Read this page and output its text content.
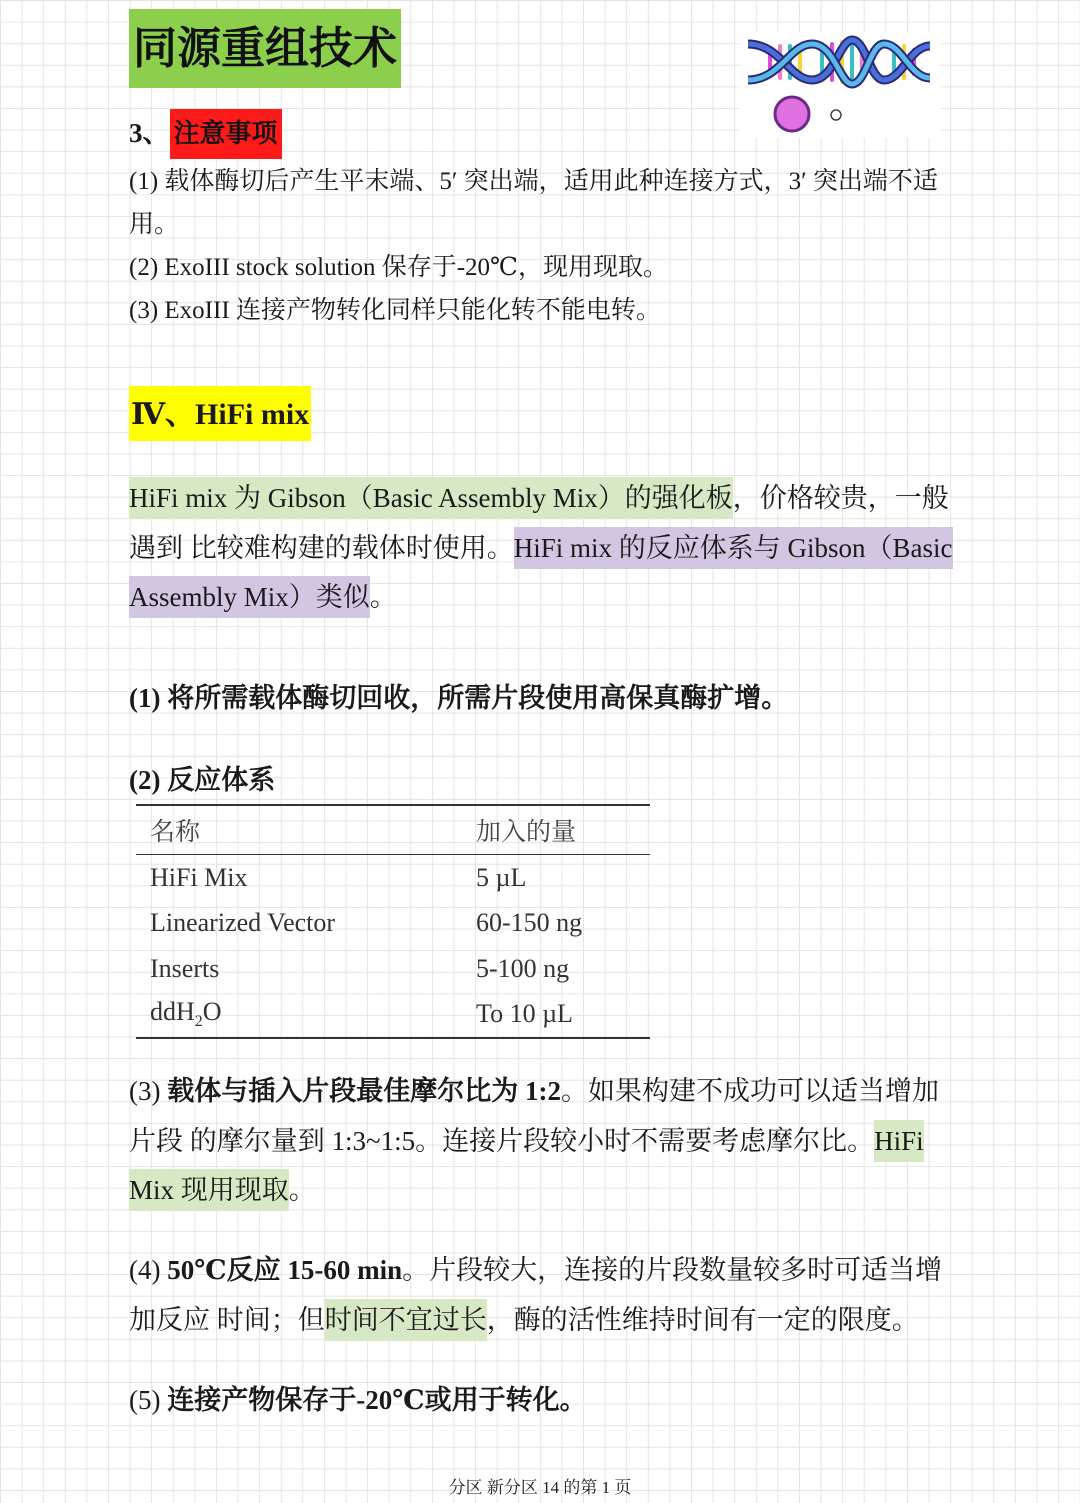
同源重组技术
3、 注意事项
(1) 载体酶切后产生平末端、5′ 突出端，适用此种连接方式，3′ 突出端不适
用。
(2) ExoIII stock solution 保存于-20℃，现用现取。
(3) ExoIII 连接产物转化同样只能化转不能电转。
Ⅳ、HiFi mix
HiFi mix 为 Gibson（Basic Assembly Mix）的强化板，价格较贵，一般
遇到 比较难构建的载体时使用。HiFi mix 的反应体系与 Gibson（Basic
Assembly Mix）类似。
(1) 将所需载体酶切回收，所需片段使用高保真酶扩增。
(2) 反应体系
名称	加入的量
HiFi Mix	5 µL
Linearized Vector	60-150 ng
Inserts	5-100 ng
ddH$_2$O	To 10 µL
(3) 载体与插入片段最佳摩尔比为 1:2。如果构建不成功可以适当增加
片段 的摩尔量到 1:3~1:5。连接片段较小时不需要考虑摩尔比。HiFi
Mix 现用现取。
(4) 50℃反应 15-60 min。片段较大，连接的片段数量较多时可适当增
加反应 时间；但时间不宜过长，酶的活性维持时间有一定的限度。
(5) 连接产物保存于-20℃或用于转化。
分区 新分区 14 的第 1 页
